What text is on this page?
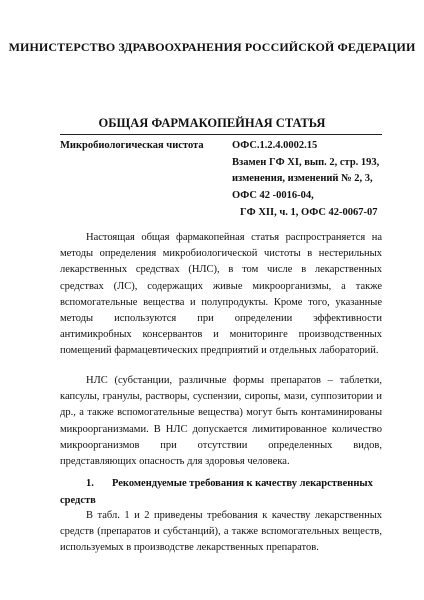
МИНИСТЕРСТВО ЗДРАВООХРАНЕНИЯ РОССИЙСКОЙ ФЕДЕРАЦИИ
ОБЩАЯ ФАРМАКОПЕЙНАЯ СТАТЬЯ
Микробиологическая чистота	ОФС.1.2.4.0002.15
Взамен ГФ XI, вып. 2, стр. 193,
изменения, изменений № 2, 3,
ОФС 42 -0016-04,
ГФ XII, ч. 1, ОФС 42-0067-07

Настоящая общая фармакопейная статья распространяется на методы определения микробиологической чистоты в нестерильных лекарственных средствах (НЛС), в том числе в лекарственных средствах (ЛС), содержащих живые микроорганизмы, а также вспомогательные вещества и полупродукты. Кроме того, указанные методы используются при определении эффективности антимикробных консервантов и мониторинге производственных помещений фармацевтических предприятий и отдельных лабораторий.

НЛС (субстанции, различные формы препаратов – таблетки, капсулы, гранулы, растворы, суспензии, сиропы, мази, суппозитории и др., а также вспомогательные вещества) могут быть контаминированы микроорганизмами. В НЛС допускается лимитированное количество микроорганизмов при отсутствии определенных видов, представляющих опасность для здоровья человека.

1. Рекомендуемые требования к качеству лекарственных средств

В табл. 1 и 2 приведены требования к качеству лекарственных средств (препаратов и субстанций), а также вспомогательных веществ, используемых в производстве лекарственных препаратов.
